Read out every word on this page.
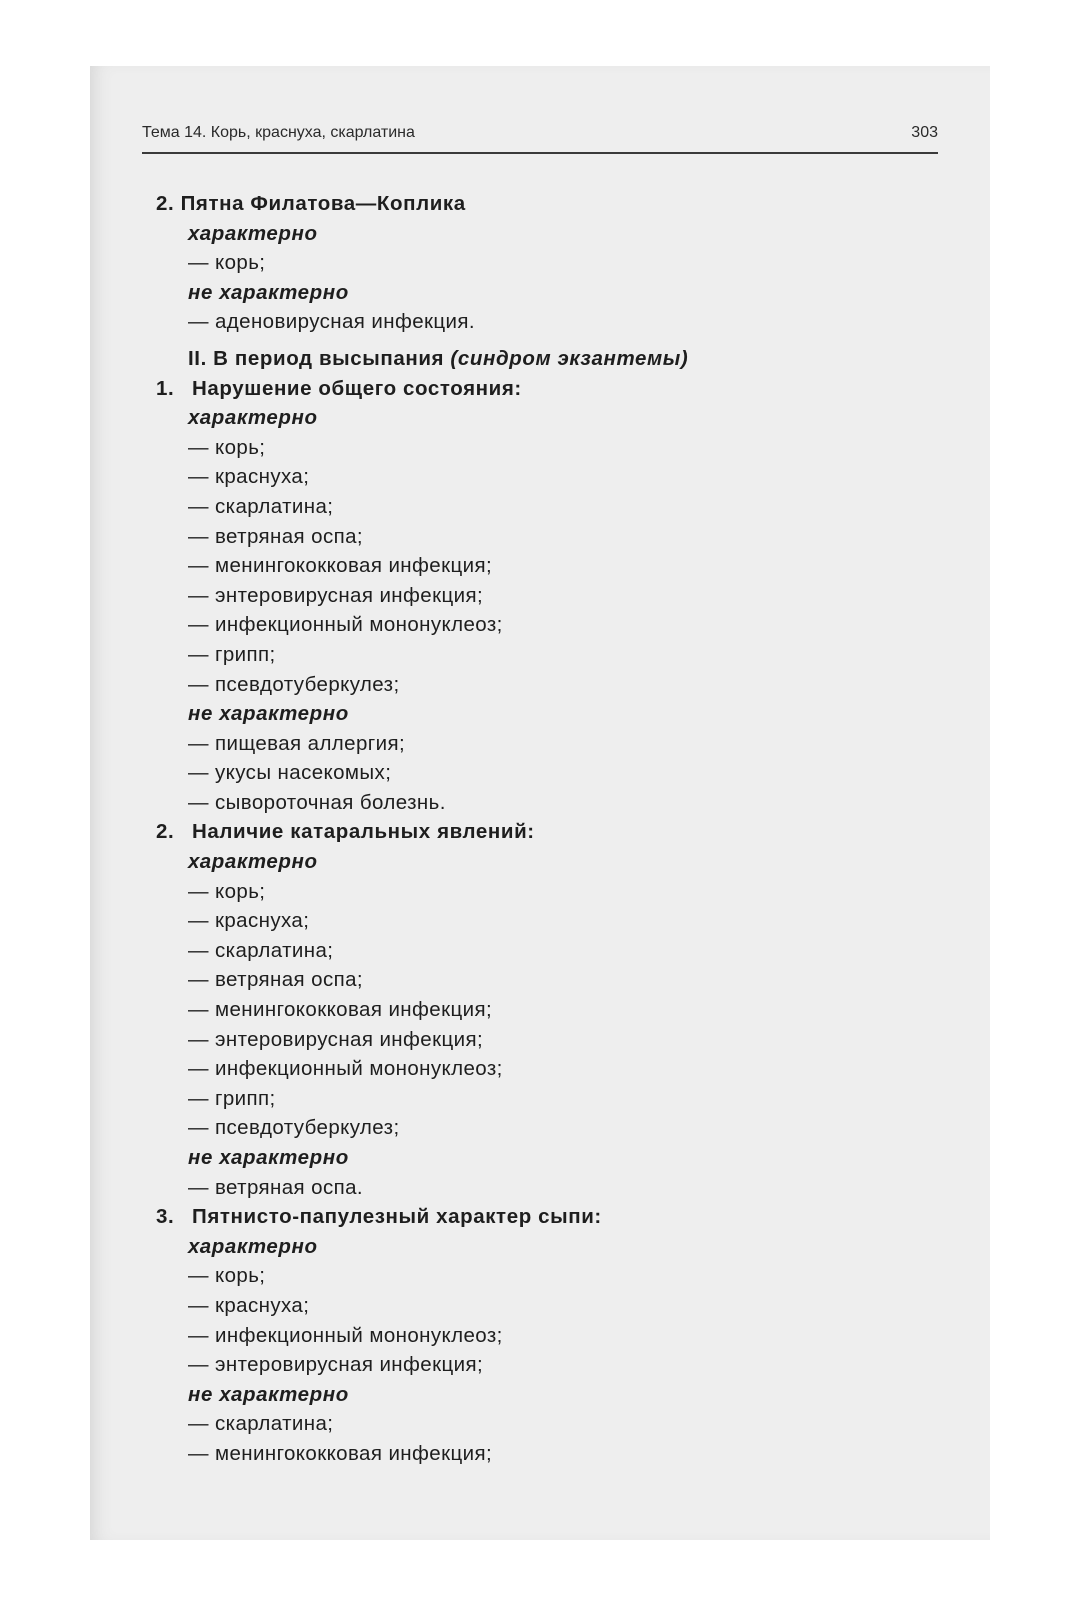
Тема 14. Корь, краснуха, скарлатина	303
2. Пятна Филатова—Коплика
характерно
— корь;
не характерно
— аденовирусная инфекция.
II. В период высыпания (синдром экзантемы)
1. Нарушение общего состояния:
характерно
— корь;
— краснуха;
— скарлатина;
— ветряная оспа;
— менингококковая инфекция;
— энтеровирусная инфекция;
— инфекционный мононуклеоз;
— грипп;
— псевдотуберкулез;
не характерно
— пищевая аллергия;
— укусы насекомых;
— сывороточная болезнь.
2. Наличие катаральных явлений:
характерно
— корь;
— краснуха;
— скарлатина;
— ветряная оспа;
— менингококковая инфекция;
— энтеровирусная инфекция;
— инфекционный мононуклеоз;
— грипп;
— псевдотуберкулез;
не характерно
— ветряная оспа.
3. Пятнисто-папулезный характер сыпи:
характерно
— корь;
— краснуха;
— инфекционный мононуклеоз;
— энтеровирусная инфекция;
не характерно
— скарлатина;
— менингококковая инфекция;
